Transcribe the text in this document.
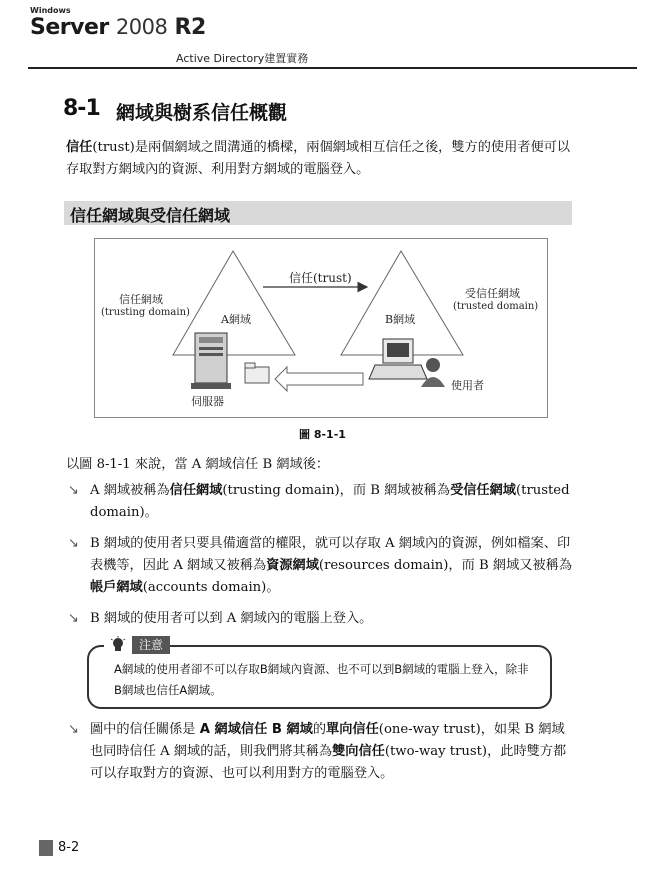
Windows
Server 2008 R2
Active Directory建置實務
8-1 網域與樹系信任概觀
信任(trust)是兩個網域之間溝通的橋樑，兩個網域相互信任之後，雙方的使用者便可以存取對方網域內的資源、利用對方網域的電腦登入。
信任網域與受信任網域
信任網域
(trusting domain)
A網域
信任(trust)
受信任網域
(trusted domain)
B網域
伺服器
使用者
圖 8-1-1
以圖 8-1-1 來說，當 A 網域信任 B 網域後：
↘ A 網域被稱為信任網域(trusting domain)，而 B 網域被稱為受信任網域(trusted domain)。
↘ B 網域的使用者只要具備適當的權限，就可以存取 A 網域內的資源，例如檔案、印表機等，因此 A 網域又被稱為資源網域(resources domain)，而 B 網域又被稱為帳戶網域(accounts domain)。
↘ B 網域的使用者可以到 A 網域內的電腦上登入。
注意
A網域的使用者卻不可以存取B網域內資源、也不可以到B網域的電腦上登入，除非B網域也信任A網域。
↘ 圖中的信任關係是 A 網域信任 B 網域的單向信任(one-way trust)，如果 B 網域也同時信任 A 網域的話，則我們將其稱為雙向信任(two-way trust)，此時雙方都可以存取對方的資源、也可以利用對方的電腦登入。
8-2
